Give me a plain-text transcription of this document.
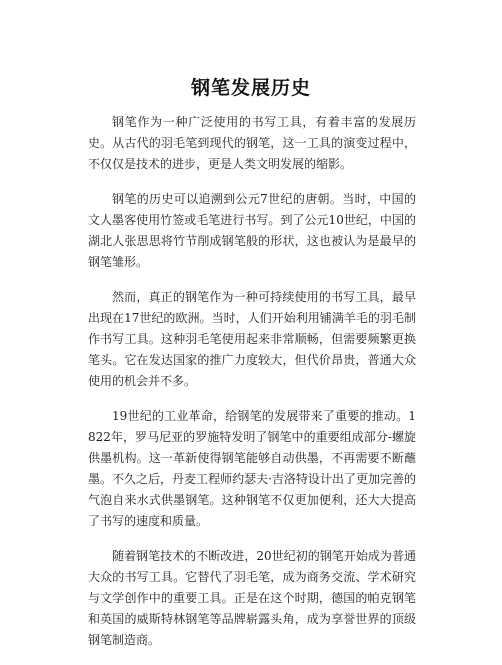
钢笔发展历史

钢笔作为一种广泛使用的书写工具，有着丰富的发展历史。从古代的羽毛笔到现代的钢笔，这一工具的演变过程中，不仅仅是技术的进步，更是人类文明发展的缩影。

钢笔的历史可以追溯到公元7世纪的唐朝。当时，中国的文人墨客使用竹签或毛笔进行书写。到了公元10世纪，中国的湖北人张思思将竹节削成钢笔般的形状，这也被认为是最早的钢笔雏形。

然而，真正的钢笔作为一种可持续使用的书写工具，最早出现在17世纪的欧洲。当时，人们开始利用铺满羊毛的羽毛制作书写工具。这种羽毛笔使用起来非常顺畅，但需要频繁更换笔头。它在发达国家的推广力度较大，但代价昂贵，普通大众使用的机会并不多。

19世纪的工业革命，给钢笔的发展带来了重要的推动。1822年，罗马尼亚的罗施特发明了钢笔中的重要组成部分-螺旋供墨机构。这一革新使得钢笔能够自动供墨，不再需要不断蘸墨。不久之后，丹麦工程师约瑟夫·吉洛特设计出了更加完善的气泡自来水式供墨钢笔。这种钢笔不仅更加便利，还大大提高了书写的速度和质量。

随着钢笔技术的不断改进，20世纪初的钢笔开始成为普通大众的书写工具。它替代了羽毛笔，成为商务交流、学术研究与文学创作中的重要工具。正是在这个时期，德国的帕克钢笔和英国的威斯特林钢笔等品牌崭露头角，成为享誉世界的顶级钢笔制造商。
